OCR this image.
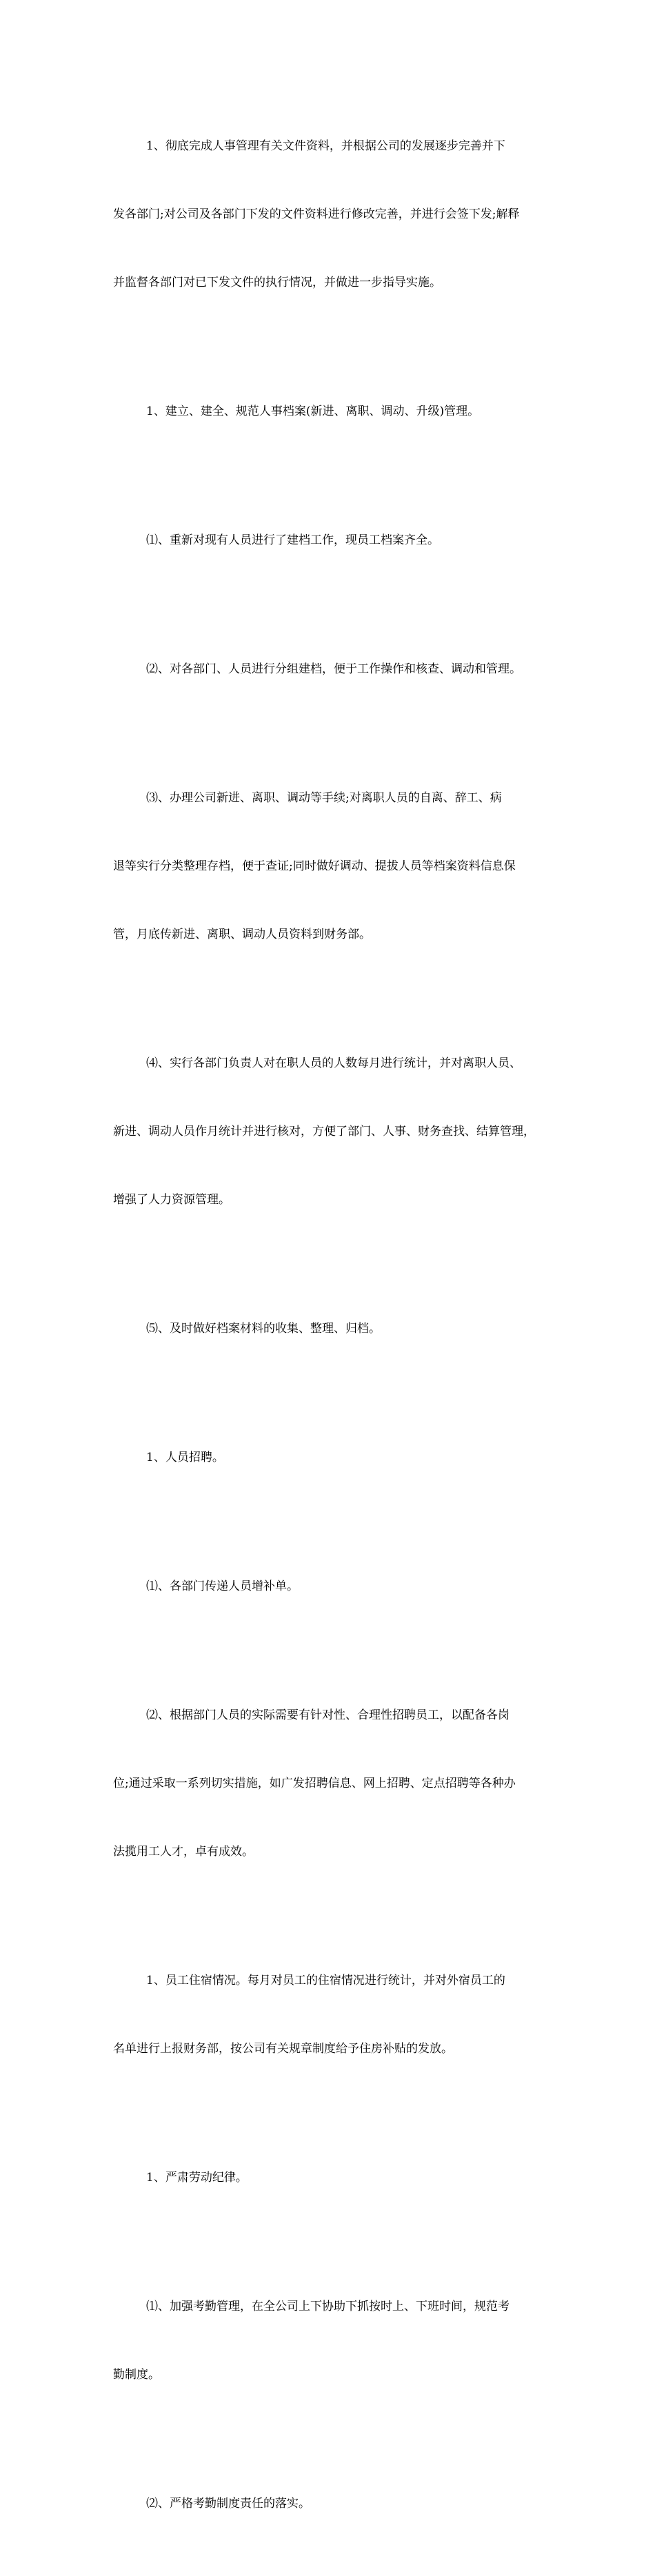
1、彻底完成人事管理有关文件资料，并根据公司的发展逐步完善并下

发各部门;对公司及各部门下发的文件资料进行修改完善，并进行会签下发;解释

并监督各部门对已下发文件的执行情况，并做进一步指导实施。

1、建立、建全、规范人事档案(新进、离职、调动、升级)管理。

⑴、重新对现有人员进行了建档工作，现员工档案齐全。

⑵、对各部门、人员进行分组建档，便于工作操作和核查、调动和管理。

⑶、办理公司新进、离职、调动等手续;对离职人员的自离、辞工、病

退等实行分类整理存档，便于查证;同时做好调动、提拔人员等档案资料信息保

管，月底传新进、离职、调动人员资料到财务部。

⑷、实行各部门负责人对在职人员的人数每月进行统计，并对离职人员、

新进、调动人员作月统计并进行核对，方便了部门、人事、财务查找、结算管理，

增强了人力资源管理。

⑸、及时做好档案材料的收集、整理、归档。

1、人员招聘。

⑴、各部门传递人员增补单。

⑵、根据部门人员的实际需要有针对性、合理性招聘员工，以配备各岗

位;通过采取一系列切实措施，如广发招聘信息、网上招聘、定点招聘等各种办

法揽用工人才，卓有成效。

1、员工住宿情况。每月对员工的住宿情况进行统计，并对外宿员工的

名单进行上报财务部，按公司有关规章制度给予住房补贴的发放。

1、严肃劳动纪律。

⑴、加强考勤管理，在全公司上下协助下抓按时上、下班时间，规范考

勤制度。

⑵、严格考勤制度责任的落实。
